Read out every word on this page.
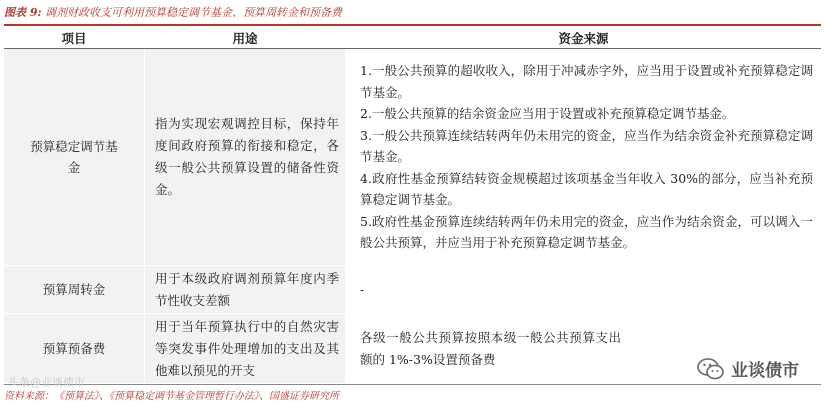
图表 9: 调剂财政收支可利用预算稳定调节基金、预算周转金和预备费
项目	用途	资金来源
预算稳定调节基金
指为实现宏观调控目标，保持年度间政府预算的衔接和稳定，各级一般公共预算设置的储备性资金。

1.一般公共预算的超收收入，除用于冲减赤字外，应当用于设置或补充预算稳定调节基金。

2.一般公共预算的结余资金应当用于设置或补充预算稳定调节基金。

3.一般公共预算连续结转两年仍未用完的资金，应当作为结余资金补充预算稳定调节基金。

4.政府性基金预算结转资金规模超过该项基金当年收入 30%的部分，应当补充预算稳定调节基金。

5.政府性基金预算连续结转两年仍未用完的资金，应当作为结余资金，可以调入一般公共预算，并应当用于补充预算稳定调节基金。

预算周转金
用于本级政府调剂预算年度内季节性收支差额

-

预算预备费
用于当年预算执行中的自然灾害等突发事件处理增加的支出及其他难以预见的开支

各级一般公共预算按照本级一般公共预算支出额的 1%-3%设置预备费

资料来源：《预算法》、《预算稳定调节基金管理暂行办法》、国盛证券研究所
头条@业谈债市
业谈债市
